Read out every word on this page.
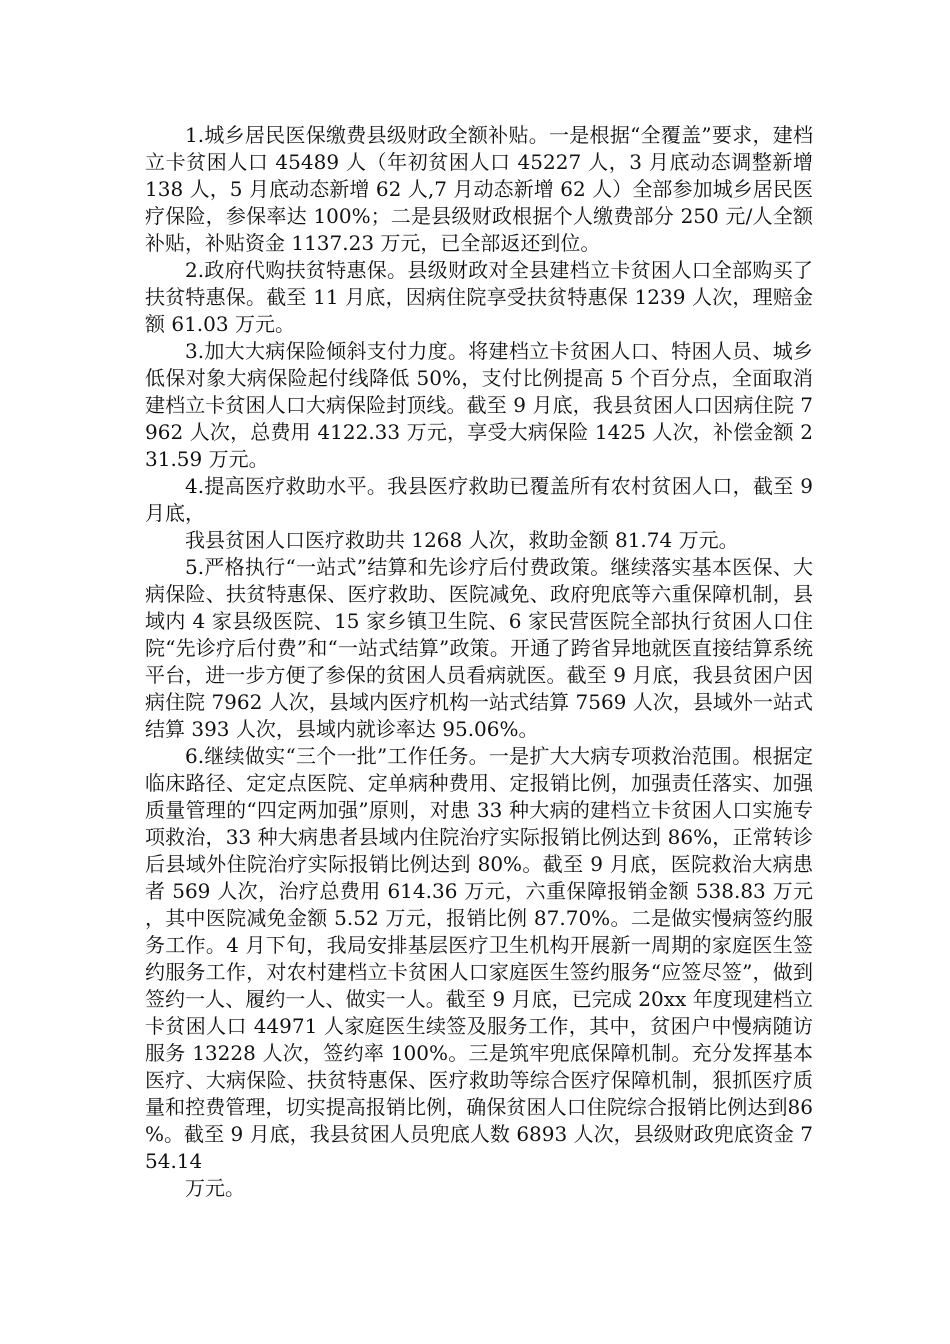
1.城乡居民医保缴费县级财政全额补贴。一是根据“全覆盖”要求，建档立卡贫困人口 45489 人（年初贫困人口 45227 人，3 月底动态调整新增 138 人，5 月底动态新增 62 人,7 月动态新增 62 人）全部参加城乡居民医疗保险，参保率达 100%；二是县级财政根据个人缴费部分 250 元/人全额补贴，补贴资金 1137.23 万元，已全部返还到位。

2.政府代购扶贫特惠保。县级财政对全县建档立卡贫困人口全部购买了扶贫特惠保。截至 11 月底，因病住院享受扶贫特惠保 1239 人次，理赔金额 61.03 万元。

3.加大大病保险倾斜支付力度。将建档立卡贫困人口、特困人员、城乡低保对象大病保险起付线降低 50%，支付比例提高 5 个百分点，全面取消建档立卡贫困人口大病保险封顶线。截至 9 月底，我县贫困人口因病住院 7962 人次，总费用 4122.33 万元，享受大病保险 1425 人次，补偿金额 231.59 万元。

4.提高医疗救助水平。我县医疗救助已覆盖所有农村贫困人口，截至 9 月底，

我县贫困人口医疗救助共 1268 人次，救助金额 81.74 万元。

5.严格执行“一站式”结算和先诊疗后付费政策。继续落实基本医保、大病保险、扶贫特惠保、医疗救助、医院减免、政府兜底等六重保障机制，县域内 4 家县级医院、15 家乡镇卫生院、6 家民营医院全部执行贫困人口住院“先诊疗后付费”和“一站式结算”政策。开通了跨省异地就医直接结算系统平台，进一步方便了参保的贫困人员看病就医。截至 9 月底，我县贫困户因病住院 7962 人次，县域内医疗机构一站式结算 7569 人次，县域外一站式结算 393 人次，县域内就诊率达 95.06%。

6.继续做实“三个一批”工作任务。一是扩大大病专项救治范围。根据定临床路径、定定点医院、定单病种费用、定报销比例，加强责任落实、加强质量管理的“四定两加强”原则，对患 33 种大病的建档立卡贫困人口实施专项救治，33 种大病患者县域内住院治疗实际报销比例达到 86%，正常转诊后县域外住院治疗实际报销比例达到 80%。截至 9 月底，医院救治大病患者 569 人次，治疗总费用 614.36 万元，六重保障报销金额 538.83 万元，其中医院减免金额 5.52 万元，报销比例 87.70%。二是做实慢病签约服务工作。4 月下旬，我局安排基层医疗卫生机构开展新一周期的家庭医生签约服务工作，对农村建档立卡贫困人口家庭医生签约服务“应签尽签”，做到签约一人、履约一人、做实一人。截至 9 月底，已完成 20xx 年度现建档立卡贫困人口 44971 人家庭医生续签及服务工作，其中，贫困户中慢病随访服务 13228 人次，签约率 100%。三是筑牢兜底保障机制。充分发挥基本医疗、大病保险、扶贫特惠保、医疗救助等综合医疗保障机制，狠抓医疗质量和控费管理，切实提高报销比例，确保贫困人口住院综合报销比例达到86%。截至 9 月底，我县贫困人员兜底人数 6893 人次，县级财政兜底资金 754.14

万元。
